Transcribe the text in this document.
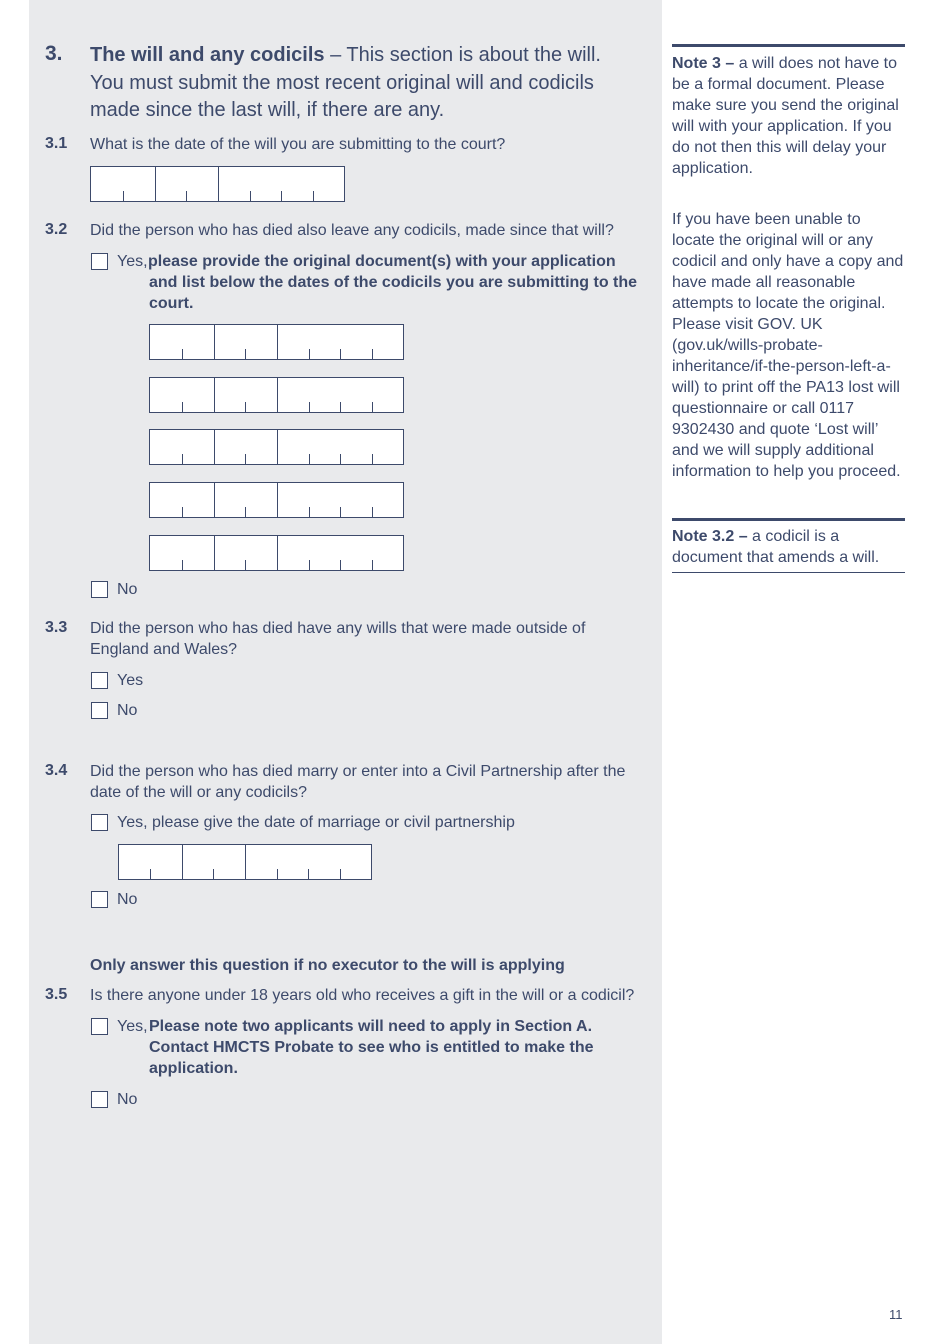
3. The will and any codicils – This section is about the will. You must submit the most recent original will and codicils made since the last will, if there are any.
3.1 What is the date of the will you are submitting to the court?
3.2 Did the person who has died also leave any codicils, made since that will?
Yes, please provide the original document(s) with your application and list below the dates of the codicils you are submitting to the court.
No
3.3 Did the person who has died have any wills that were made outside of England and Wales?
Yes
No
3.4 Did the person who has died marry or enter into a Civil Partnership after the date of the will or any codicils?
Yes, please give the date of marriage or civil partnership
No
Only answer this question if no executor to the will is applying
3.5 Is there anyone under 18 years old who receives a gift in the will or a codicil?
Yes, Please note two applicants will need to apply in Section A. Contact HMCTS Probate to see who is entitled to make the application.
No
Note 3 – a will does not have to be a formal document. Please make sure you send the original will with your application. If you do not then this will delay your application.
If you have been unable to locate the original will or any codicil and only have a copy and have made all reasonable attempts to locate the original. Please visit GOV. UK (gov.uk/wills-probate-inheritance/if-the-person-left-a-will) to print off the PA13 lost will questionnaire or call 0117 9302430 and quote ‘Lost will’ and we will supply additional information to help you proceed.
Note 3.2 – a codicil is a document that amends a will.
11
